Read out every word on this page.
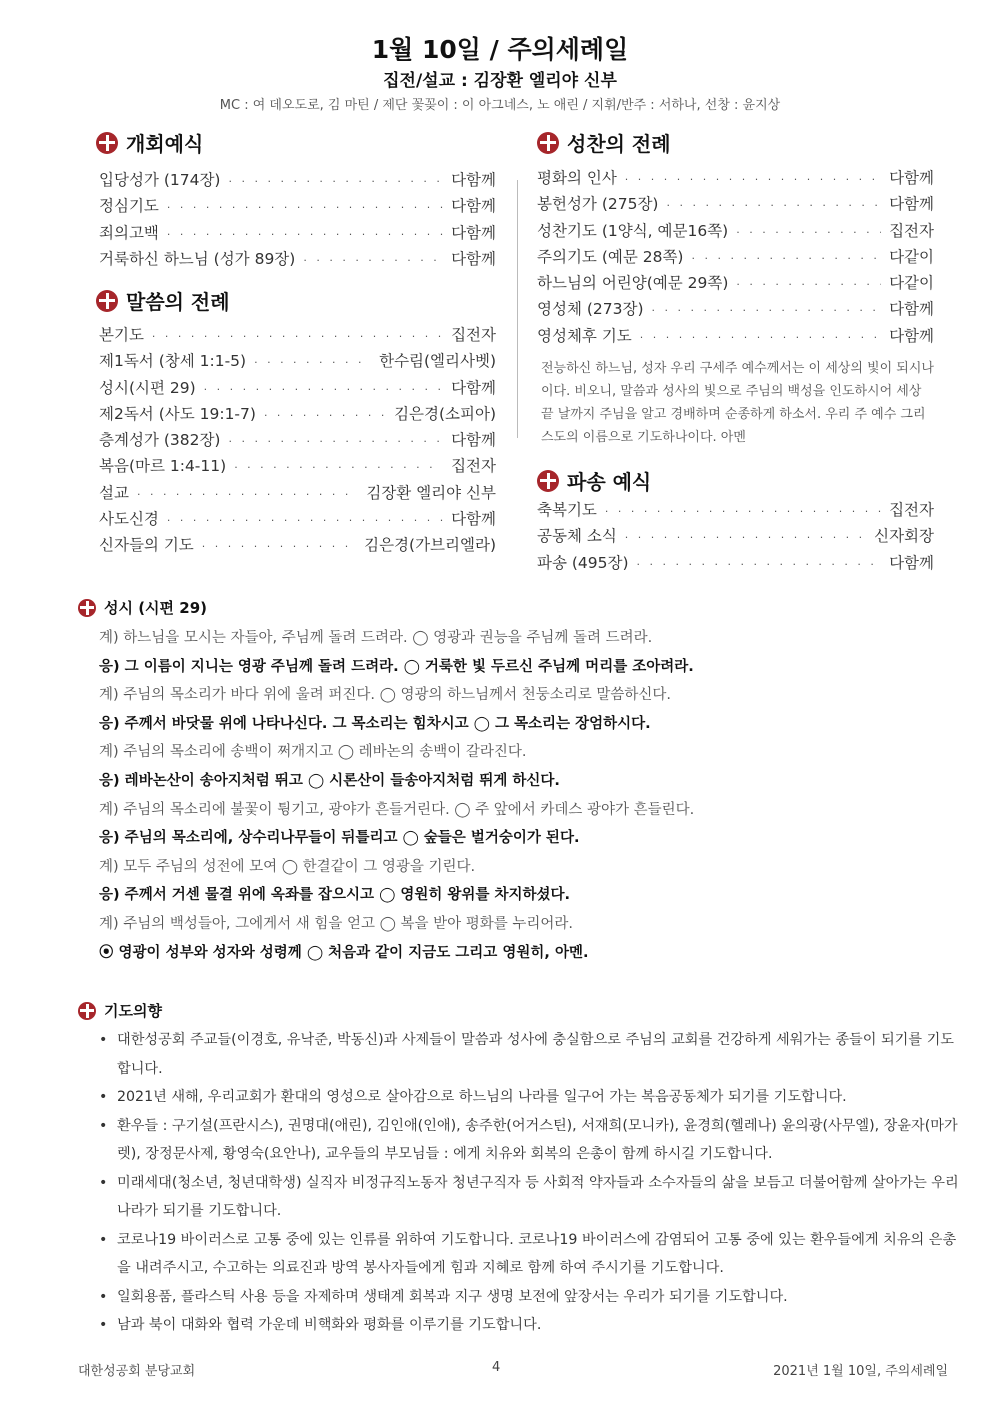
1월 10일 / 주의세례일
집전/설교 : 김장환 엘리야 신부
MC : 여 데오도로, 김 마틴 / 제단 꽃꽂이 : 이 아그네스, 노 애린 / 지휘/반주 : 서하나, 선창 : 윤지상
개회예식
입당성가 (174장) · · ·	다함께
정심기도 · · ·	다함께
죄의고백 · · ·	다함께
거룩하신 하느님 (성가 89장) · · ·	다함께
말씀의 전례
본기도 · · ·	집전자
제1독서 (창세 1:1-5) · · ·	한수림(엘리사벳)
성시(시편 29) · · ·	다함께
제2독서 (사도 19:1-7) · · ·	김은경(소피아)
층계성가 (382장) · · ·	다함께
복음(마르 1:4-11) · · ·	집전자
설교 · · ·	김장환 엘리야 신부
사도신경 · · ·	다함께
신자들의 기도 · · ·	김은경(가브리엘라)
성찬의 전례
평화의 인사 · · ·	다함께
봉헌성가 (275장) · · ·	다함께
성찬기도 (1양식, 예문16쪽) · · ·	집전자
주의기도 (예문 28쪽) · · ·	다같이
하느님의 어린양(예문 29쪽) · · ·	다같이
영성체 (273장) · · ·	다함께
영성체후 기도 · · ·	다함께
전능하신 하느님, 성자 우리 구세주 예수께서는 이 세상의 빛이 되시나이다. 비오니, 말씀과 성사의 빛으로 주님의 백성을 인도하시어 세상 끝 날까지 주님을 알고 경배하며 순종하게 하소서. 우리 주 예수 그리스도의 이름으로 기도하나이다. 아멘
파송 예식
축복기도 · · ·	집전자
공동체 소식 · · ·	신자회장
파송 (495장) · · ·	다함께
성시 (시편 29)
계) 하느님을 모시는 자들아, 주님께 돌려 드려라. ◯ 영광과 권능을 주님께 돌려 드려라.
응) 그 이름이 지니는 영광 주님께 돌려 드려라. ◯ 거룩한 빛 두르신 주님께 머리를 조아려라.
계) 주님의 목소리가 바다 위에 울려 퍼진다. ◯ 영광의 하느님께서 천둥소리로 말씀하신다.
응) 주께서 바닷물 위에 나타나신다. 그 목소리는 힘차시고 ◯ 그 목소리는 장엄하시다.
계) 주님의 목소리에 송백이 쩌개지고 ◯ 레바논의 송백이 갈라진다.
응) 레바논산이 송아지처럼 뛰고 ◯ 시론산이 들송아지처럼 뛰게 하신다.
계) 주님의 목소리에 불꽃이 튕기고, 광야가 흔들거린다. ◯ 주 앞에서 카데스 광야가 흔들린다.
응) 주님의 목소리에, 상수리나무들이 뒤틀리고 ◯ 숲들은 벌거숭이가 된다.
계) 모두 주님의 성전에 모여 ◯ 한결같이 그 영광을 기린다.
응) 주께서 거센 물결 위에 옥좌를 잡으시고 ◯ 영원히 왕위를 차지하셨다.
계) 주님의 백성들아, 그에게서 새 힘을 얻고 ◯ 복을 받아 평화를 누리어라.
⦿ 영광이 성부와 성자와 성령께 ◯ 처음과 같이 지금도 그리고 영원히, 아멘.
기도의향
• 대한성공회 주교들(이경호, 유낙준, 박동신)과 사제들이 말씀과 성사에 충실함으로 주님의 교회를 건강하게 세워가는 종들이 되기를 기도합니다.
• 2021년 새해, 우리교회가 환대의 영성으로 살아감으로 하느님의 나라를 일구어 가는 복음공동체가 되기를 기도합니다.
• 환우들 : 구기설(프란시스), 권명대(애린), 김인애(인애), 송주한(어거스틴), 서재희(모니카), 윤경희(헬레나) 윤의광(사무엘), 장윤자(마가렛), 장정문사제, 황영숙(요안나), 교우들의 부모님들 : 에게 치유와 회복의 은총이 함께 하시길 기도합니다.
• 미래세대(청소년, 청년대학생) 실직자 비정규직노동자 청년구직자 등 사회적 약자들과 소수자들의 삶을 보듬고 더불어함께 살아가는 우리나라가 되기를 기도합니다.
• 코로나19 바이러스로 고통 중에 있는 인류를 위하여 기도합니다. 코로나19 바이러스에 감염되어 고통 중에 있는 환우들에게 치유의 은총을 내려주시고, 수고하는 의료진과 방역 봉사자들에게 힘과 지혜로 함께 하여 주시기를 기도합니다.
• 일회용품, 플라스틱 사용 등을 자제하며 생태계 회복과 지구 생명 보전에 앞장서는 우리가 되기를 기도합니다.
• 남과 북이 대화와 협력 가운데 비핵화와 평화를 이루기를 기도합니다.
대한성공회 분당교회	4	2021년 1월 10일, 주의세례일
